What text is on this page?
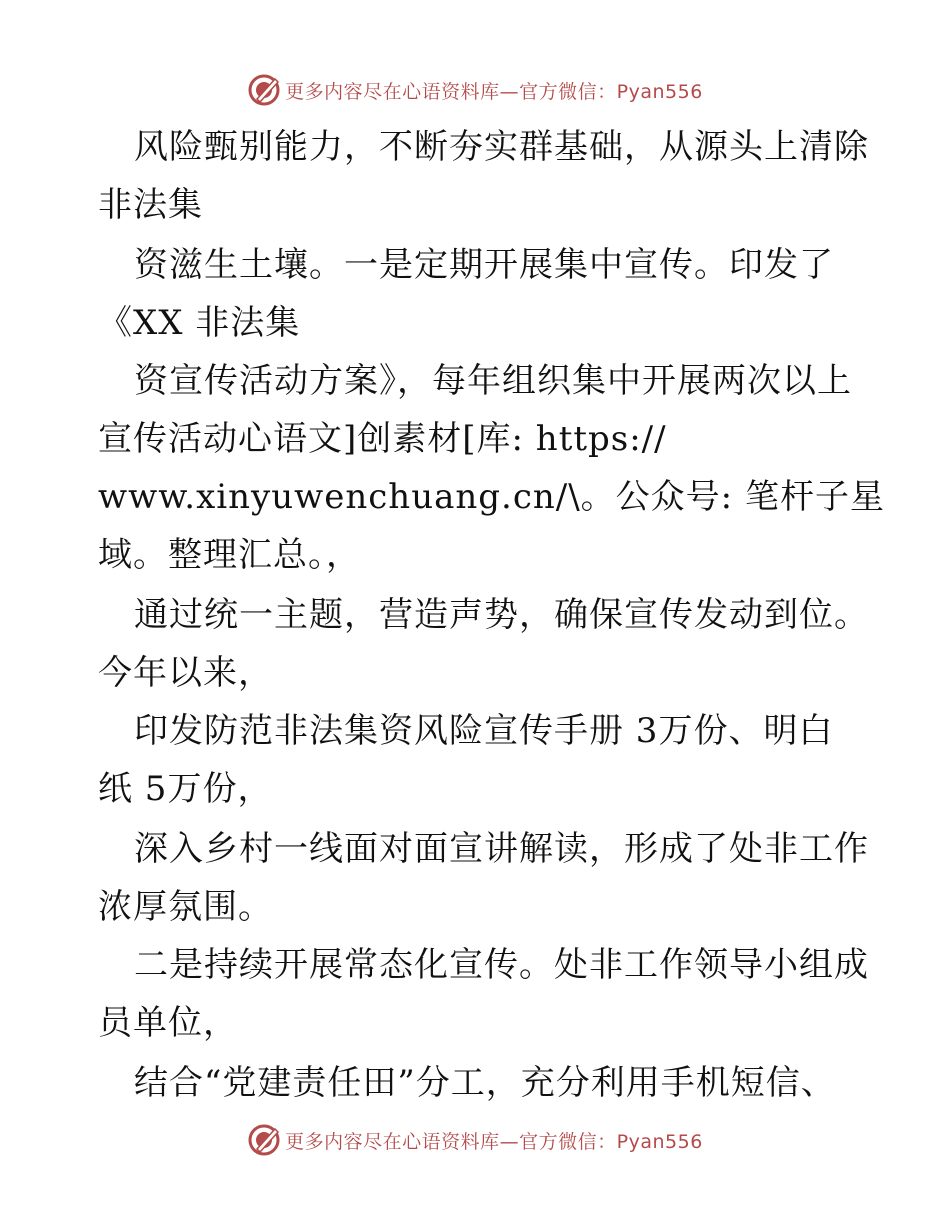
更多内容尽在心语资料库—官方微信：Pyan556
风险甄别能力，不断夯实群基础，从源头上清除
非法集
资滋生土壤。一是定期开展集中宣传。印发了
《XX 非法集
资宣传活动方案》，每年组织集中开展两次以上
宣传活动心语文]创素材[库: https://
www.xinyuwenchuang.cn/\。公众号: 笔杆子星
域。整理汇总。，
通过统一主题，营造声势，确保宣传发动到位。
今年以来，
印发防范非法集资风险宣传手册 3万份、明白
纸 5万份，
深入乡村一线面对面宣讲解读，形成了处非工作
浓厚氛围。
二是持续开展常态化宣传。处非工作领导小组成
员单位，
结合“党建责任田”分工，充分利用手机短信、
更多内容尽在心语资料库—官方微信：Pyan556
